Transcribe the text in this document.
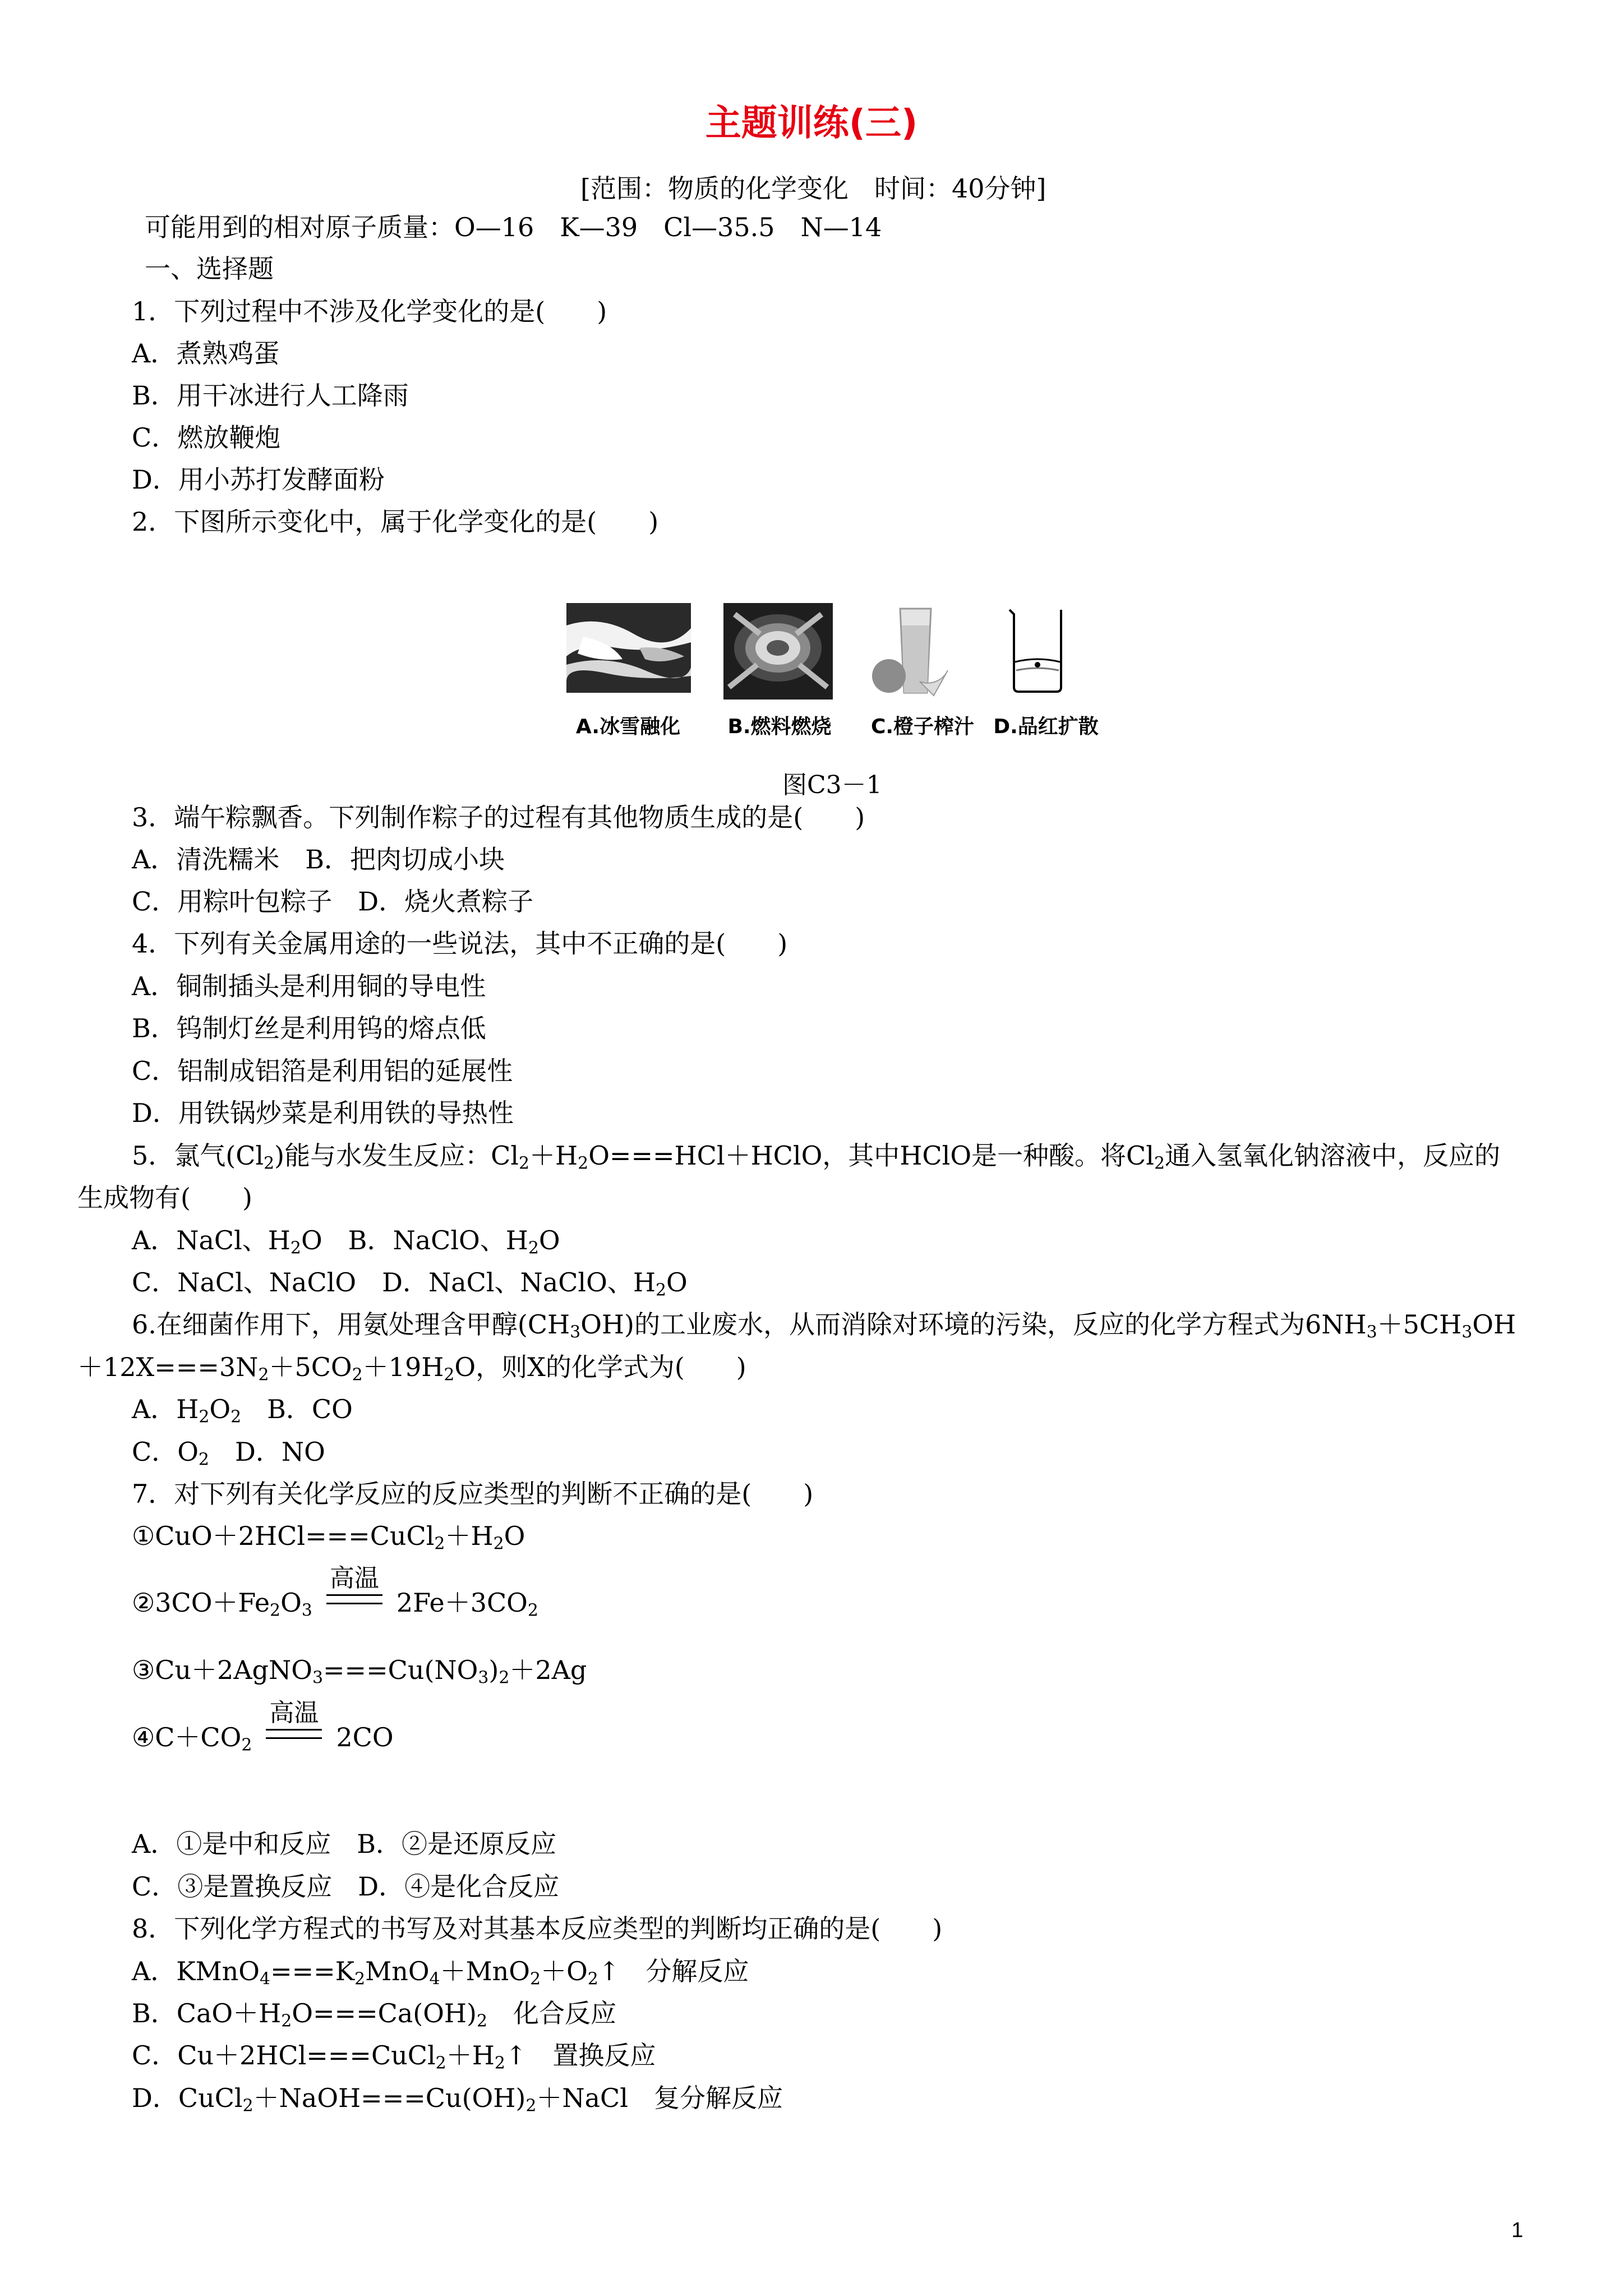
主题训练(三)
[范围：物质的化学变化　时间：40分钟]
可能用到的相对原子质量：O—16　K—39　Cl—35.5　N—14
一、选择题
1．下列过程中不涉及化学变化的是(　　)
A．煮熟鸡蛋
B．用干冰进行人工降雨
C．燃放鞭炮
D．用小苏打发酵面粉
2．下图所示变化中，属于化学变化的是(　　)
A.冰雪融化	B.燃料燃烧	C.橙子榨汁 D.品红扩散
图C3－1
3．端午粽飘香。下列制作粽子的过程有其他物质生成的是(　　)
A．清洗糯米　B．把肉切成小块
C．用粽叶包粽子　D．烧火煮粽子
4．下列有关金属用途的一些说法，其中不正确的是(　　)
A．铜制插头是利用铜的导电性
B．钨制灯丝是利用钨的熔点低
C．铝制成铝箔是利用铝的延展性
D．用铁锅炒菜是利用铁的导热性
5．氯气$(Cl_2)$能与水发生反应：$Cl_2+H_2O===HCl+HClO$，其中HClO是一种酸。将$Cl_2$通入氢氧化钠溶液中，反应的
生成物有(　　)
A．NaCl、$H_2O$　B．NaClO、$H_2O$
C．NaCl、NaClO　D．NaCl、NaClO、$H_2O$
6.在细菌作用下，用氨处理含甲醇$(CH_3OH)$的工业废水，从而消除对环境的污染，反应的化学方程式为$6NH_3+5CH_3OH$
$+12X===3N_2+5CO_2+19H_2O$，则X的化学式为(　　)
A．$H_2O_2$　B．CO
C．$O_2$　D．NO
7．对下列有关化学反应的反应类型的判断不正确的是(　　)
$①CuO+2HCl===CuCl_2+H_2O$
$②3CO+Fe_2O_3$
高温
$2Fe+3CO_2$
$③Cu+2AgNO_3===Cu(NO_3)_2+2Ag$
$④C+CO_2$
高温
2CO
A．①是中和反应　B．②是还原反应
C．③是置换反应　D．④是化合反应
8．下列化学方程式的书写及对其基本反应类型的判断均正确的是(　　)
A．$KMnO_4===K_2MnO_4+MnO_2+O_2↑$　分解反应
B．$CaO+H_2O===Ca(OH)_2$　化合反应
C．$Cu+2HCl===CuCl_2+H_2↑$　置换反应
D．$CuCl_2+NaOH===Cu(OH)_2+NaCl$　复分解反应
1
